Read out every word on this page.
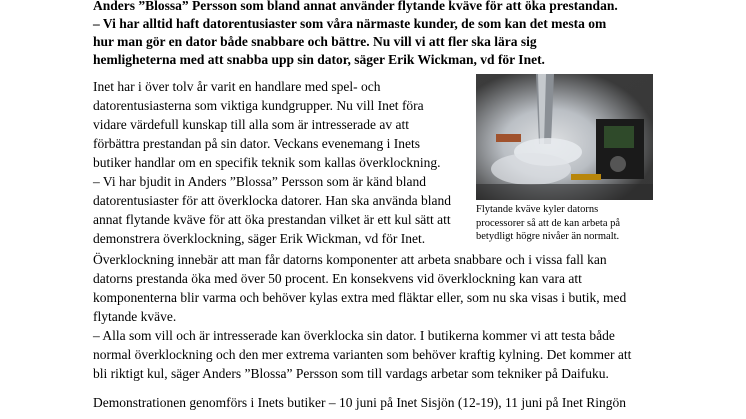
Anders ”Blossa” Persson som bland annat använder flytande kväve för att öka prestandan.

– Vi har alltid haft datorentusiaster som våra närmaste kunder, de som kan det mesta om

hur man gör en dator både snabbare och bättre. Nu vill vi att fler ska lära sig

hemligheterna med att snabba upp sin dator, säger Erik Wickman, vd för Inet.

Inet har i över tolv år varit en handlare med spel- och

datorentusiasterna som viktiga kundgrupper. Nu vill Inet föra

vidare värdefull kunskap till alla som är intresserade av att

förbättra prestandan på sin dator. Veckans evenemang i Inets

butiker handlar om en specifik teknik som kallas överklockning.

– Vi har bjudit in Anders ”Blossa” Persson som är känd bland

datorentusiaster för att överklocka datorer. Han ska använda bland

annat flytande kväve för att öka prestandan vilket är ett kul sätt att

demonstrera överklockning, säger Erik Wickman, vd för Inet.

Flytande kväve kyler datorns

processorer så att de kan arbeta på

betydligt högre nivåer än normalt.

Överklockning innebär att man får datorns komponenter att arbeta snabbare och i vissa fall kan

datorns prestanda öka med över 50 procent. En konsekvens vid överklockning kan vara att

komponenterna blir varma och behöver kylas extra med fläktar eller, som nu ska visas i butik, med

flytande kväve.

– Alla som vill och är intresserade kan överklocka sin dator. I butikerna kommer vi att testa både

normal överklockning och den mer extrema varianten som behöver kraftig kylning. Det kommer att

bli riktigt kul, säger Anders ”Blossa” Persson som till vardags arbetar som tekniker på Daifuku.

Demonstrationen genomförs i Inets butiker – 10 juni på Inet Sisjön (12-19), 11 juni på Inet Ringön
